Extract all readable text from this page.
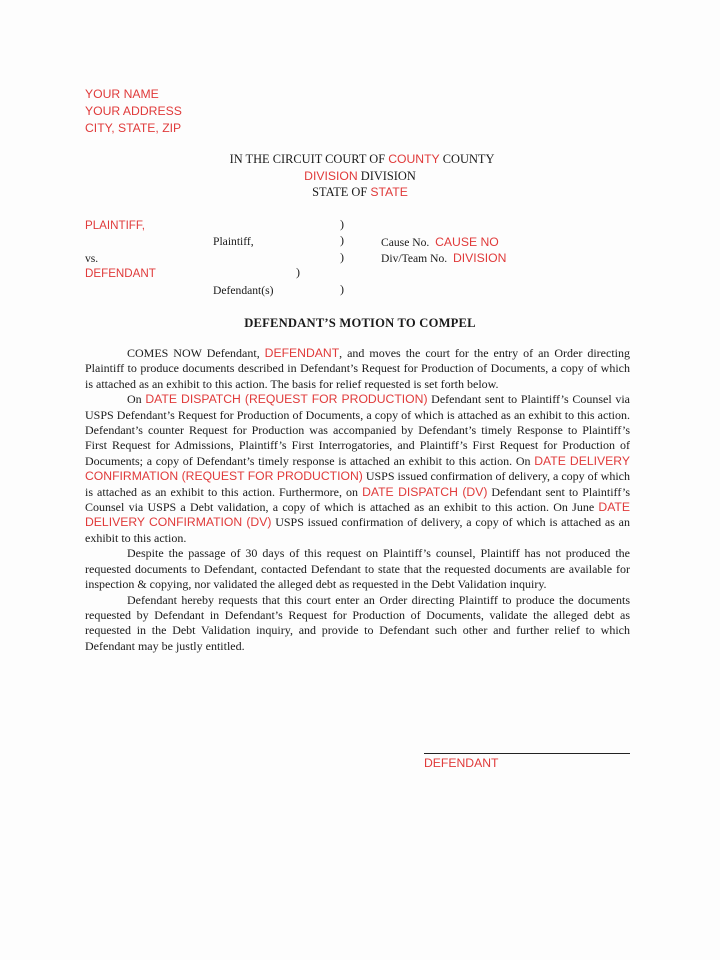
YOUR NAME
YOUR ADDRESS
CITY, STATE, ZIP
IN THE CIRCUIT COURT OF COUNTY COUNTY
DIVISION DIVISION
STATE OF STATE
PLAINTIFF,
Plaintiff,
vs.
DEFENDANT
Defendant(s)
)
)
)
)
)
Cause No. CAUSE NO
Div/Team No. DIVISION
DEFENDANT’S MOTION TO COMPEL

COMES NOW Defendant, DEFENDANT, and moves the court for the entry of an Order directing Plaintiff to produce documents described in Defendant’s Request for Production of Documents, a copy of which is attached as an exhibit to this action. The basis for relief requested is set forth below.

On DATE DISPATCH (REQUEST FOR PRODUCTION) Defendant sent to Plaintiff’s Counsel via USPS Defendant’s Request for Production of Documents, a copy of which is attached as an exhibit to this action. Defendant’s counter Request for Production was accompanied by Defendant’s timely Response to Plaintiff’s First Request for Admissions, Plaintiff’s First Interrogatories, and Plaintiff’s First Request for Production of Documents; a copy of Defendant’s timely response is attached an exhibit to this action. On DATE DELIVERY CONFIRMATION (REQUEST FOR PRODUCTION) USPS issued confirmation of delivery, a copy of which is attached as an exhibit to this action. Furthermore, on DATE DISPATCH (DV) Defendant sent to Plaintiff’s Counsel via USPS a Debt validation, a copy of which is attached as an exhibit to this action. On June DATE DELIVERY CONFIRMATION (DV) USPS issued confirmation of delivery, a copy of which is attached as an exhibit to this action.

Despite the passage of 30 days of this request on Plaintiff’s counsel, Plaintiff has not produced the requested documents to Defendant, contacted Defendant to state that the requested documents are available for inspection & copying, nor validated the alleged debt as requested in the Debt Validation inquiry.

Defendant hereby requests that this court enter an Order directing Plaintiff to produce the documents requested by Defendant in Defendant’s Request for Production of Documents, validate the alleged debt as requested in the Debt Validation inquiry, and provide to Defendant such other and further relief to which Defendant may be justly entitled.

DEFENDANT
